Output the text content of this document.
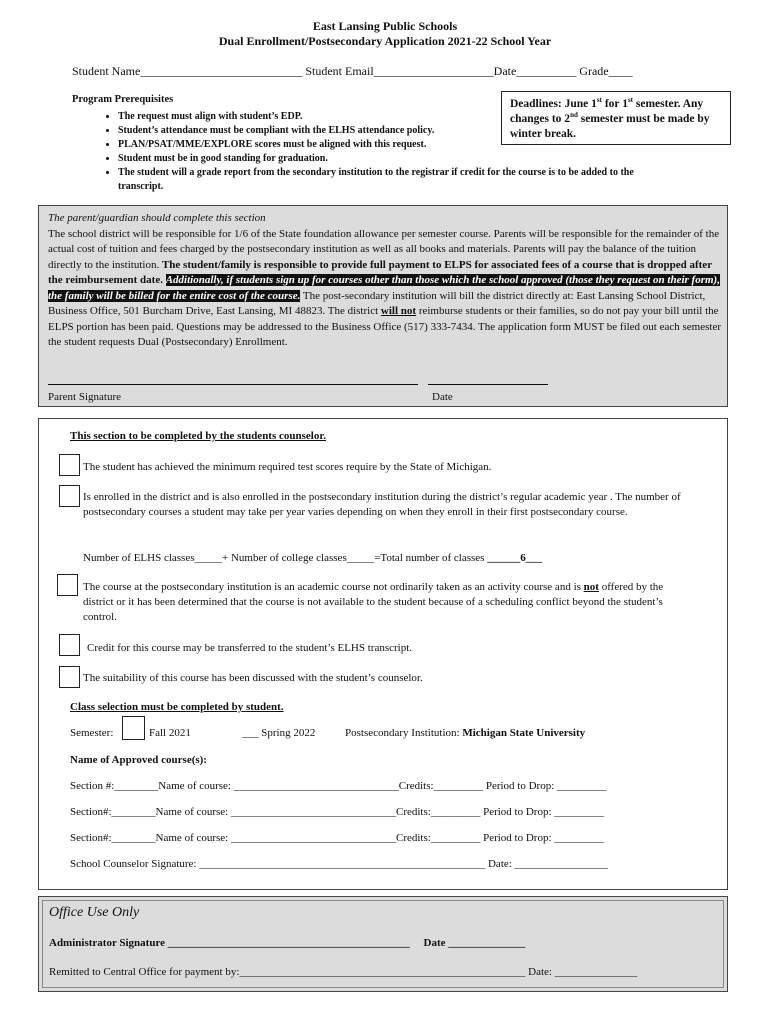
East Lansing Public Schools
Dual Enrollment/Postsecondary Application 2021-22 School Year
Student Name___________________________ Student Email____________________Date__________ Grade____
Program Prerequisites
• The request must align with student’s EDP.
• Student’s attendance must be compliant with the ELHS attendance policy.
• PLAN/PSAT/MME/EXPLORE scores must be aligned with this request.
• Student must be in good standing for graduation.
• The student will a grade report from the secondary institution to the registrar if credit for the course is to be added to the transcript.
Deadlines: June 1st for 1st semester. Any changes to 2nd semester must be made by winter break.
The parent/guardian should complete this section
The school district will be responsible for 1/6 of the State foundation allowance per semester course. Parents will be responsible for the remainder of the actual cost of tuition and fees charged by the postsecondary institution as well as all books and materials. Parents will pay the balance of the tuition directly to the institution. The student/family is responsible to provide full payment to ELPS for associated fees of a course that is dropped after the reimbursement date. Additionally, if students sign up for courses other than those which the school approved (those they request on their form), the family will be billed for the entire cost of the course. The post-secondary institution will bill the district directly at: East Lansing School District, Business Office, 501 Burcham Drive, East Lansing, MI 48823. The district will not reimburse students or their families, so do not pay your bill until the ELPS portion has been paid. Questions may be addressed to the Business Office (517) 333-7434. The application form MUST be filed out each semester the student requests Dual (Postsecondary) Enrollment.
Parent Signature	Date
This section to be completed by the students counselor.
The student has achieved the minimum required test scores require by the State of Michigan.
Is enrolled in the district and is also enrolled in the postsecondary institution during the district’s regular academic year . The number of postsecondary courses a student may take per year varies depending on when they enroll in their first postsecondary course.
Number of ELHS classes_____+ Number of college classes_____=Total number of classes ______6___
The course at the postsecondary institution is an academic course not ordinarily taken as an activity course and is not offered by the district or it has been determined that the course is not available to the student because of a scheduling conflict beyond the student’s control.
Credit for this course may be transferred to the student’s ELHS transcript.
The suitability of this course has been discussed with the student’s counselor.
Class selection must be completed by student.
Semester:	Fall 2021	___ Spring 2022	Postsecondary Institution: Michigan State University
Name of Approved course(s):
Section #:________Name of course: ______________________________Credits:_________ Period to Drop: _________
Section#:________Name of course: ______________________________Credits:_________ Period to Drop: _________
Section#:________Name of course: ______________________________Credits:_________ Period to Drop: _________
School Counselor Signature: ____________________________________________________ Date: _________________
Office Use Only
Administrator Signature ____________________________________________     Date ______________
Remitted to Central Office for payment by:____________________________________________________ Date: _______________
